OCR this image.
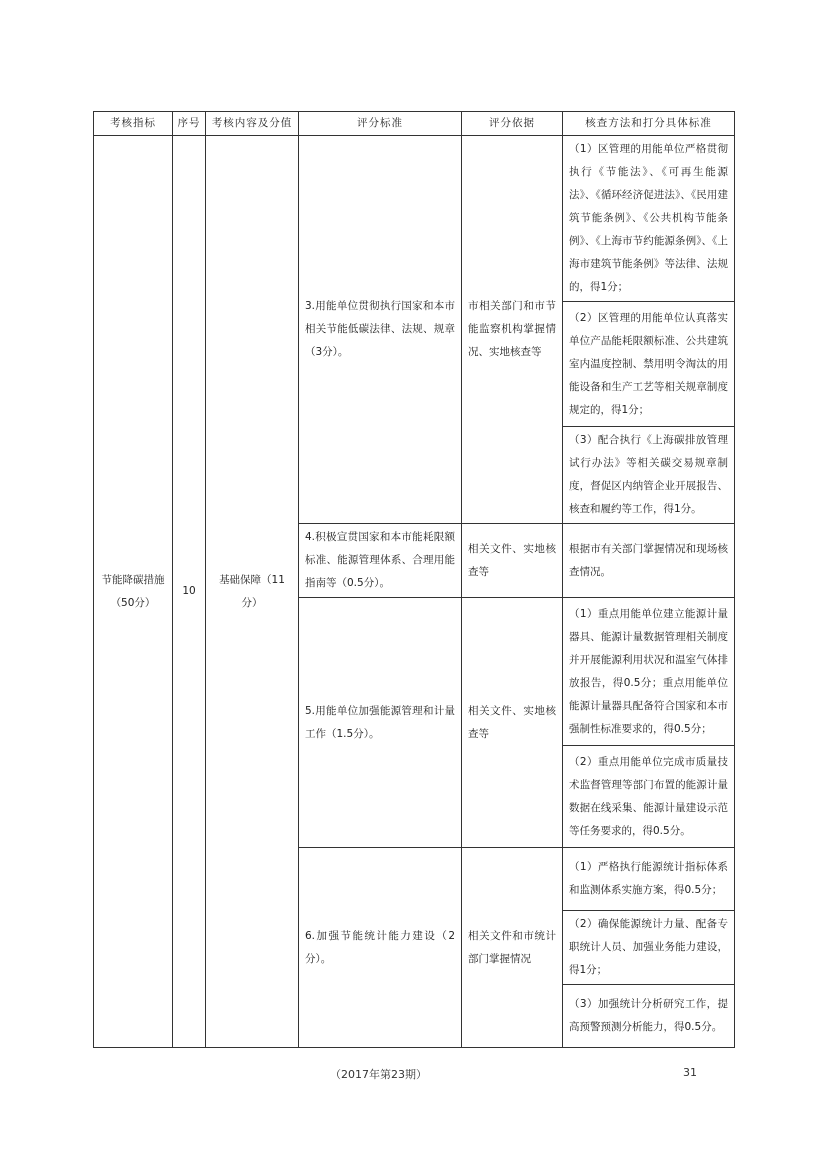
考核指标	序号	考核内容及分值	评分标准	评分依据	核查方法和打分具体标准
节能降碳措施
（50分）	10	基础保障（11分）	3.用能单位贯彻执行国家和本市相关节能低碳法律、法规、规章（3分）。	市相关部门和市节能监察机构掌握情况、实地核查等	（1）区管理的用能单位严格贯彻执行《节能法》、《可再生能源法》、《循环经济促进法》、《民用建筑节能条例》、《公共机构节能条例》、《上海市节约能源条例》、《上海市建筑节能条例》等法律、法规的，得1分；
					（2）区管理的用能单位认真落实单位产品能耗限额标准、公共建筑室内温度控制、禁用明令淘汰的用能设备和生产工艺等相关规章制度规定的，得1分；
					（3）配合执行《上海碳排放管理试行办法》等相关碳交易规章制度，督促区内纳管企业开展报告、核查和履约等工作，得1分。
			4.积极宣贯国家和本市能耗限额标准、能源管理体系、合理用能指南等（0.5分）。	相关文件、实地核查等	根据市有关部门掌握情况和现场核查情况。
			5.用能单位加强能源管理和计量工作（1.5分）。	相关文件、实地核查等	（1）重点用能单位建立能源计量器具、能源计量数据管理相关制度并开展能源利用状况和温室气体排放报告，得0.5分；重点用能单位能源计量器具配备符合国家和本市强制性标准要求的，得0.5分；
					（2）重点用能单位完成市质量技术监督管理等部门布置的能源计量数据在线采集、能源计量建设示范等任务要求的，得0.5分。
			6.加强节能统计能力建设（2分）。	相关文件和市统计部门掌握情况	（1）严格执行能源统计指标体系和监测体系实施方案，得0.5分；
					（2）确保能源统计力量、配备专职统计人员、加强业务能力建设，得1分；
					（3）加强统计分析研究工作，提高预警预测分析能力，得0.5分。
（2017年第23期）	31
